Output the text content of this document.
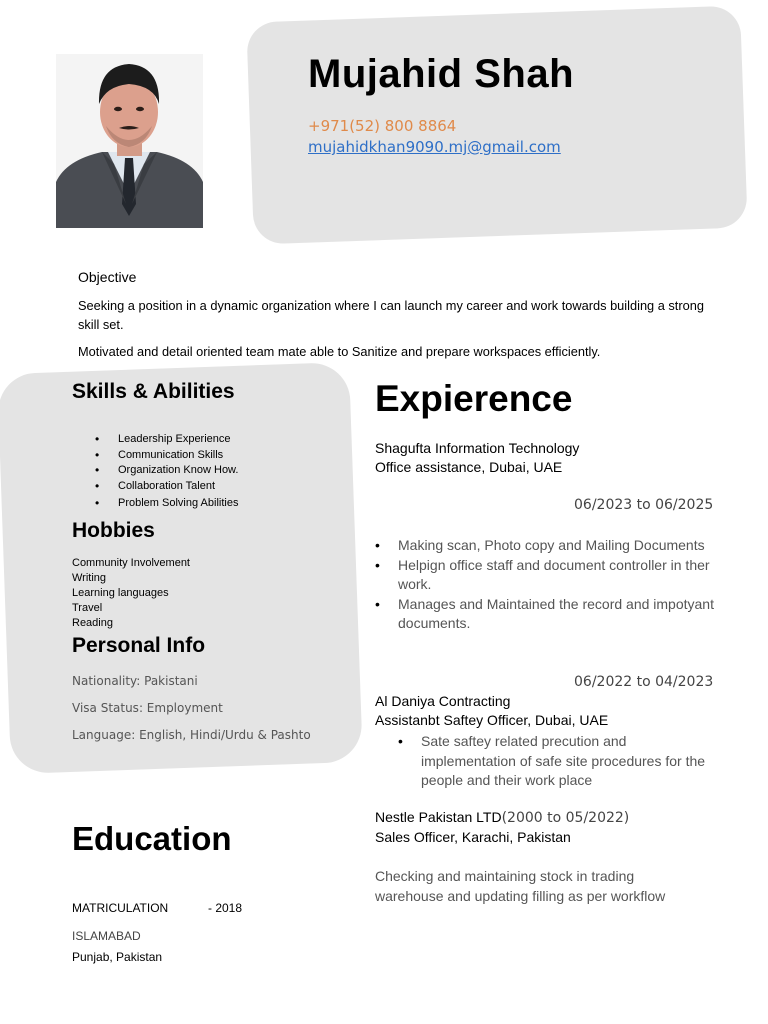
Mujahid Shah
+971(52) 800 8864
mujahidkhan9090.mj@gmail.com
Objective
Seeking a position in a dynamic organization where I can launch my career and work towards building a strong skill set.
Motivated and detail oriented team mate able to Sanitize and prepare workspaces efficiently.
Skills & Abilities
• Leadership Experience
• Communication Skills
• Organization Know How.
• Collaboration Talent
• Problem Solving Abilities
Hobbies
Community Involvement
Writing
Learning languages
Travel
Reading
Personal Info
Nationality: Pakistani
Visa Status: Employment
Language: English, Hindi/Urdu & Pashto
Education
MATRICULATION	- 2018
ISLAMABAD
Punjab, Pakistan
Expierence
Shagufta Information Technology
Office assistance, Dubai, UAE
06/2023 to 06/2025
• Making scan, Photo copy and Mailing Documents
• Helpign office staff and document controller in ther work.
• Manages and Maintained the record and impotyant documents.
06/2022 to 04/2023
Al Daniya Contracting
Assistanbt Saftey Officer, Dubai, UAE
• Sate saftey related precution and implementation of safe site procedures for the people and their work place
Nestle Pakistan LTD(2000 to 05/2022)
Sales Officer, Karachi, Pakistan
Checking and maintaining stock in trading warehouse and updating filling as per workflow
